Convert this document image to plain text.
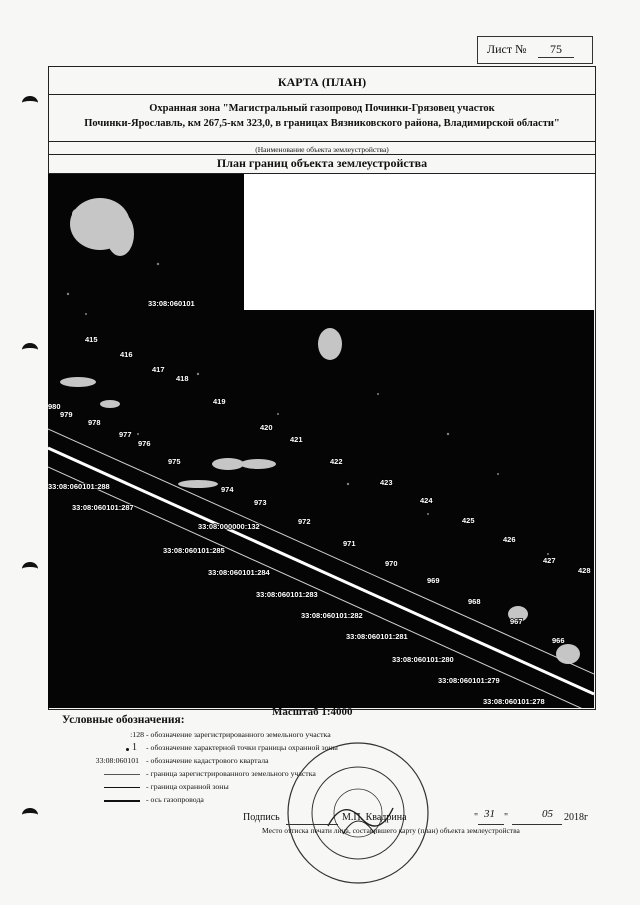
Лист №	75
КАРТА (ПЛАН)
Охранная зона "Магистральный газопровод Починки-Грязовец участок
Починки-Ярославль, км 267,5-км 323,0, в границах Вязниковского района, Владимирской области"
(Наименование объекта землеустройства)
План границ объекта землеустройства
415
416
417
418
419
420
421
422
423
424
425
426
427
428
980
979
978
977
976
975
974
973
972
971
970
969
968
967
966
33:08:060101
33:08:060101:288
33:08:060101:287
33:08:000000:132
33:08:060101:285
33:08:060101:284
33:08:060101:283
33:08:060101:282
33:08:060101:281
33:08:060101:280
33:08:060101:279
33:08:060101:278
Масштаб 1:4000
Условные обозначения:
:128 - обозначение зарегистрированного земельного участка
1 - обозначение характерной точки границы охранной зоны
33:08:060101 - обозначение кадастрового квартала
- граница зарегистрированного земельного участка
- граница охранной зоны
- ось газопровода
Подпись	М.П. Квадрина	" 31 "	05 2018г
Место оттиска печати лица, составившего карту (план) объекта землеустройства
